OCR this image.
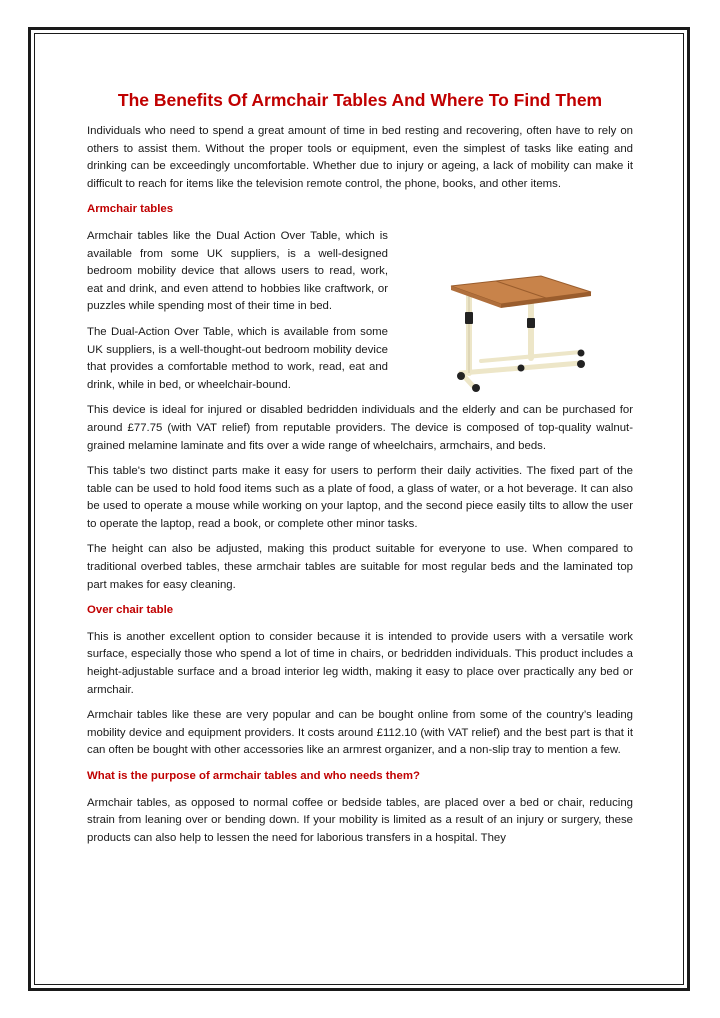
The Benefits Of Armchair Tables And Where To Find Them

Individuals who need to spend a great amount of time in bed resting and recovering, often have to rely on others to assist them. Without the proper tools or equipment, even the simplest of tasks like eating and drinking can be exceedingly uncomfortable. Whether due to injury or ageing, a lack of mobility can make it difficult to reach for items like the television remote control, the phone, books, and other items.

Armchair tables

Armchair tables like the Dual Action Over Table, which is available from some UK suppliers, is a well-designed bedroom mobility device that allows users to read, work, eat and drink, and even attend to hobbies like craftwork, or puzzles while spending most of their time in bed.

The Dual-Action Over Table, which is available from some UK suppliers, is a well-thought-out bedroom mobility device that provides a comfortable method to work, read, eat and drink, while in bed, or wheelchair-bound.

This device is ideal for injured or disabled bedridden individuals and the elderly and can be purchased for around £77.75 (with VAT relief) from reputable providers. The device is composed of top-quality walnut-grained melamine laminate and fits over a wide range of wheelchairs, armchairs, and beds.

This table's two distinct parts make it easy for users to perform their daily activities. The fixed part of the table can be used to hold food items such as a plate of food, a glass of water, or a hot beverage. It can also be used to operate a mouse while working on your laptop, and the second piece easily tilts to allow the user to operate the laptop, read a book, or complete other minor tasks.

The height can also be adjusted, making this product suitable for everyone to use. When compared to traditional overbed tables, these armchair tables are suitable for most regular beds and the laminated top part makes for easy cleaning.

Over chair table

This is another excellent option to consider because it is intended to provide users with a versatile work surface, especially those who spend a lot of time in chairs, or bedridden individuals. This product includes a height-adjustable surface and a broad interior leg width, making it easy to place over practically any bed or armchair.

Armchair tables like these are very popular and can be bought online from some of the country’s leading mobility device and equipment providers. It costs around £112.10 (with VAT relief) and the best part is that it can often be bought with other accessories like an armrest organizer, and a non-slip tray to mention a few.

What is the purpose of armchair tables and who needs them?

Armchair tables, as opposed to normal coffee or bedside tables, are placed over a bed or chair, reducing strain from leaning over or bending down. If your mobility is limited as a result of an injury or surgery, these products can also help to lessen the need for laborious transfers in a hospital. They
